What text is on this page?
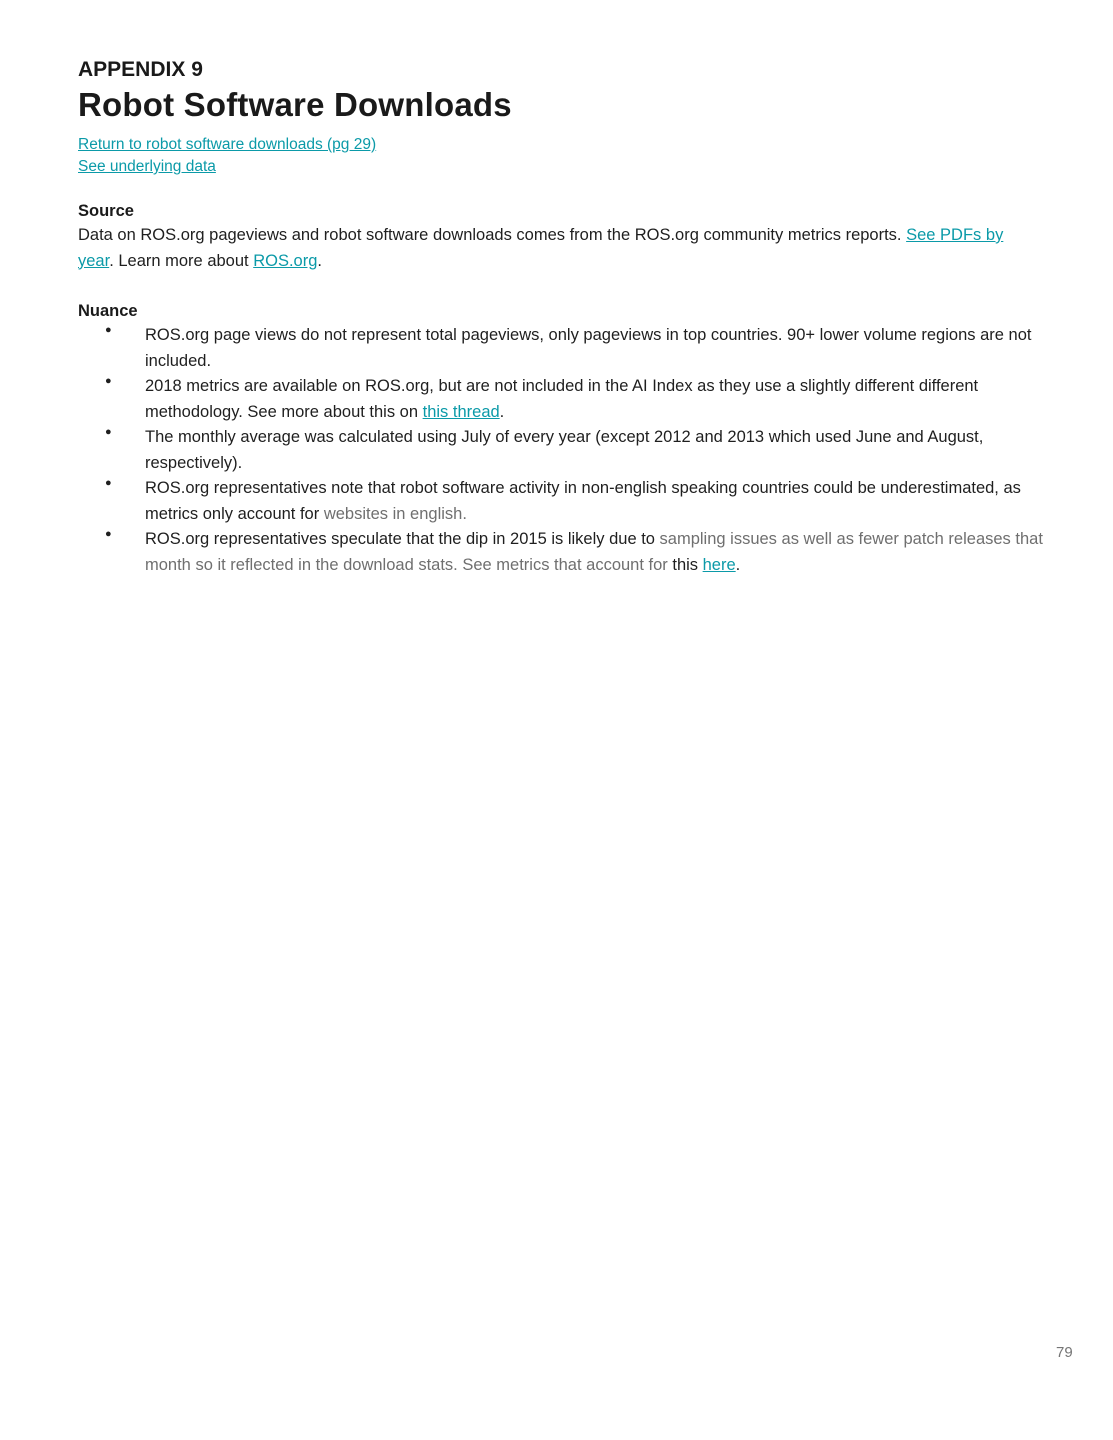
APPENDIX 9
Robot Software Downloads
Return to robot software downloads (pg 29)
See underlying data
Source
Data on ROS.org pageviews and robot software downloads comes from the ROS.org community metrics reports. See PDFs by year. Learn more about ROS.org.
Nuance
● ROS.org page views do not represent total pageviews, only pageviews in top countries. 90+ lower volume regions are not included.
● 2018 metrics are available on ROS.org, but are not included in the AI Index as they use a slightly different different methodology. See more about this on this thread.
● The monthly average was calculated using July of every year (except 2012 and 2013 which used June and August, respectively).
● ROS.org representatives note that robot software activity in non-english speaking countries could be underestimated, as metrics only account for websites in english.
● ROS.org representatives speculate that the dip in 2015 is likely due to sampling issues as well as fewer patch releases that month so it reflected in the download stats. See metrics that account for this here.
79
